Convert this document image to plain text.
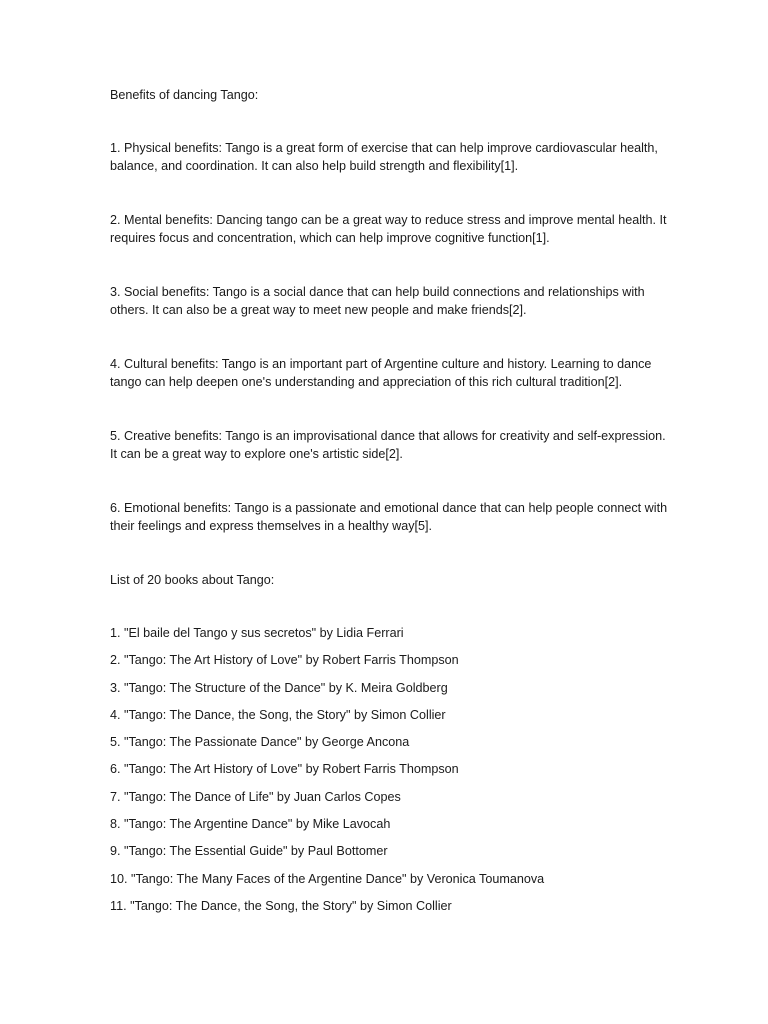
Benefits of dancing Tango:

1. Physical benefits: Tango is a great form of exercise that can help improve cardiovascular health, balance, and coordination. It can also help build strength and flexibility[1].

2. Mental benefits: Dancing tango can be a great way to reduce stress and improve mental health. It requires focus and concentration, which can help improve cognitive function[1].

3. Social benefits: Tango is a social dance that can help build connections and relationships with others. It can also be a great way to meet new people and make friends[2].

4. Cultural benefits: Tango is an important part of Argentine culture and history. Learning to dance tango can help deepen one's understanding and appreciation of this rich cultural tradition[2].

5. Creative benefits: Tango is an improvisational dance that allows for creativity and self-expression. It can be a great way to explore one's artistic side[2].

6. Emotional benefits: Tango is a passionate and emotional dance that can help people connect with their feelings and express themselves in a healthy way[5].

List of 20 books about Tango:

1. "El baile del Tango y sus secretos" by Lidia Ferrari

2. "Tango: The Art History of Love" by Robert Farris Thompson

3. "Tango: The Structure of the Dance" by K. Meira Goldberg

4. "Tango: The Dance, the Song, the Story" by Simon Collier

5. "Tango: The Passionate Dance" by George Ancona

6. "Tango: The Art History of Love" by Robert Farris Thompson

7. "Tango: The Dance of Life" by Juan Carlos Copes

8. "Tango: The Argentine Dance" by Mike Lavocah

9. "Tango: The Essential Guide" by Paul Bottomer

10. "Tango: The Many Faces of the Argentine Dance" by Veronica Toumanova

11. "Tango: The Dance, the Song, the Story" by Simon Collier
